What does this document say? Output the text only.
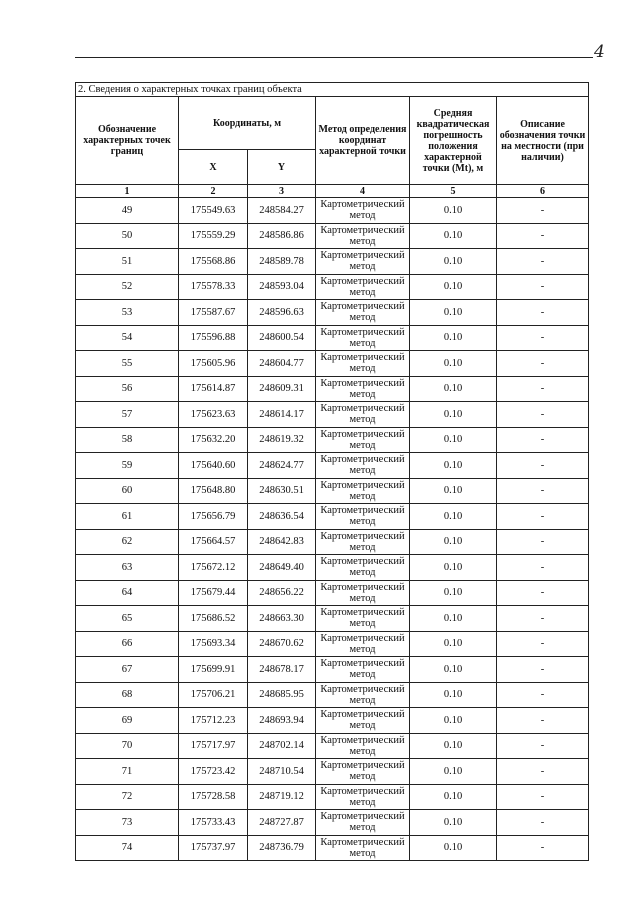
4
2. Сведения о характерных точках границ объекта					
Обозначение характерных точек границ	Координаты, м		Метод определения координат характерной точки	Средняя квадратическая погрешность положения характерной точки (Mt), м	Описание обозначения точки на местности (при наличии)
	X	Y			
1	2	3	4	5	6
49	175549.63	248584.27	Картометрический метод	0.10	-
50	175559.29	248586.86	Картометрический метод	0.10	-
51	175568.86	248589.78	Картометрический метод	0.10	-
52	175578.33	248593.04	Картометрический метод	0.10	-
53	175587.67	248596.63	Картометрический метод	0.10	-
54	175596.88	248600.54	Картометрический метод	0.10	-
55	175605.96	248604.77	Картометрический метод	0.10	-
56	175614.87	248609.31	Картометрический метод	0.10	-
57	175623.63	248614.17	Картометрический метод	0.10	-
58	175632.20	248619.32	Картометрический метод	0.10	-
59	175640.60	248624.77	Картометрический метод	0.10	-
60	175648.80	248630.51	Картометрический метод	0.10	-
61	175656.79	248636.54	Картометрический метод	0.10	-
62	175664.57	248642.83	Картометрический метод	0.10	-
63	175672.12	248649.40	Картометрический метод	0.10	-
64	175679.44	248656.22	Картометрический метод	0.10	-
65	175686.52	248663.30	Картометрический метод	0.10	-
66	175693.34	248670.62	Картометрический метод	0.10	-
67	175699.91	248678.17	Картометрический метод	0.10	-
68	175706.21	248685.95	Картометрический метод	0.10	-
69	175712.23	248693.94	Картометрический метод	0.10	-
70	175717.97	248702.14	Картометрический метод	0.10	-
71	175723.42	248710.54	Картометрический метод	0.10	-
72	175728.58	248719.12	Картометрический метод	0.10	-
73	175733.43	248727.87	Картометрический метод	0.10	-
74	175737.97	248736.79	Картометрический метод	0.10	-
